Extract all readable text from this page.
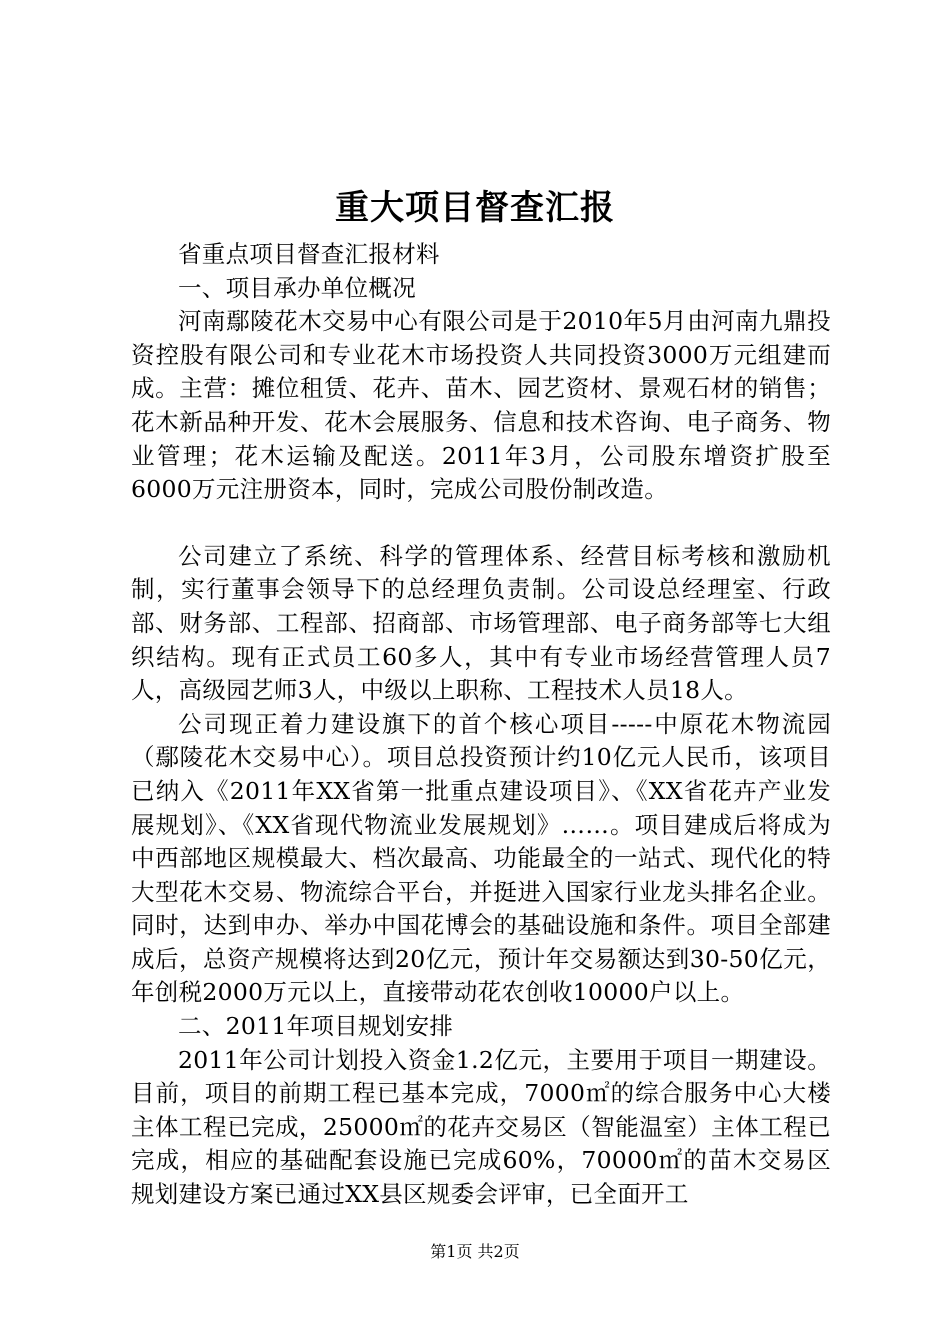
重大项目督查汇报

省重点项目督查汇报材料

一、项目承办单位概况

河南鄢陵花木交易中心有限公司是于2010年5月由河南九鼎投资控股有限公司和专业花木市场投资人共同投资3000万元组建而成。主营：摊位租赁、花卉、苗木、园艺资材、景观石材的销售；花木新品种开发、花木会展服务、信息和技术咨询、电子商务、物业管理；花木运输及配送。2011年3月，公司股东增资扩股至6000万元注册资本，同时，完成公司股份制改造。

公司建立了系统、科学的管理体系、经营目标考核和激励机制，实行董事会领导下的总经理负责制。公司设总经理室、行政部、财务部、工程部、招商部、市场管理部、电子商务部等七大组织结构。现有正式员工60多人，其中有专业市场经营管理人员7人，高级园艺师3人，中级以上职称、工程技术人员18人。

公司现正着力建设旗下的首个核心项目-----中原花木物流园（鄢陵花木交易中心）。项目总投资预计约10亿元人民币，该项目已纳入《2011年XX省第一批重点建设项目》、《XX省花卉产业发展规划》、《XX省现代物流业发展规划》……。项目建成后将成为中西部地区规模最大、档次最高、功能最全的一站式、现代化的特大型花木交易、物流综合平台，并挺进入国家行业龙头排名企业。同时，达到申办、举办中国花博会的基础设施和条件。项目全部建成后，总资产规模将达到20亿元，预计年交易额达到30-50亿元，年创税2000万元以上，直接带动花农创收10000户以上。

二、2011年项目规划安排

2011年公司计划投入资金1.2亿元，主要用于项目一期建设。目前，项目的前期工程已基本完成，7000㎡的综合服务中心大楼主体工程已完成，25000㎡的花卉交易区（智能温室）主体工程已完成，相应的基础配套设施已完成60%，70000㎡的苗木交易区规划建设方案已通过XX县区规委会评审，已全面开工

第1页 共2页
